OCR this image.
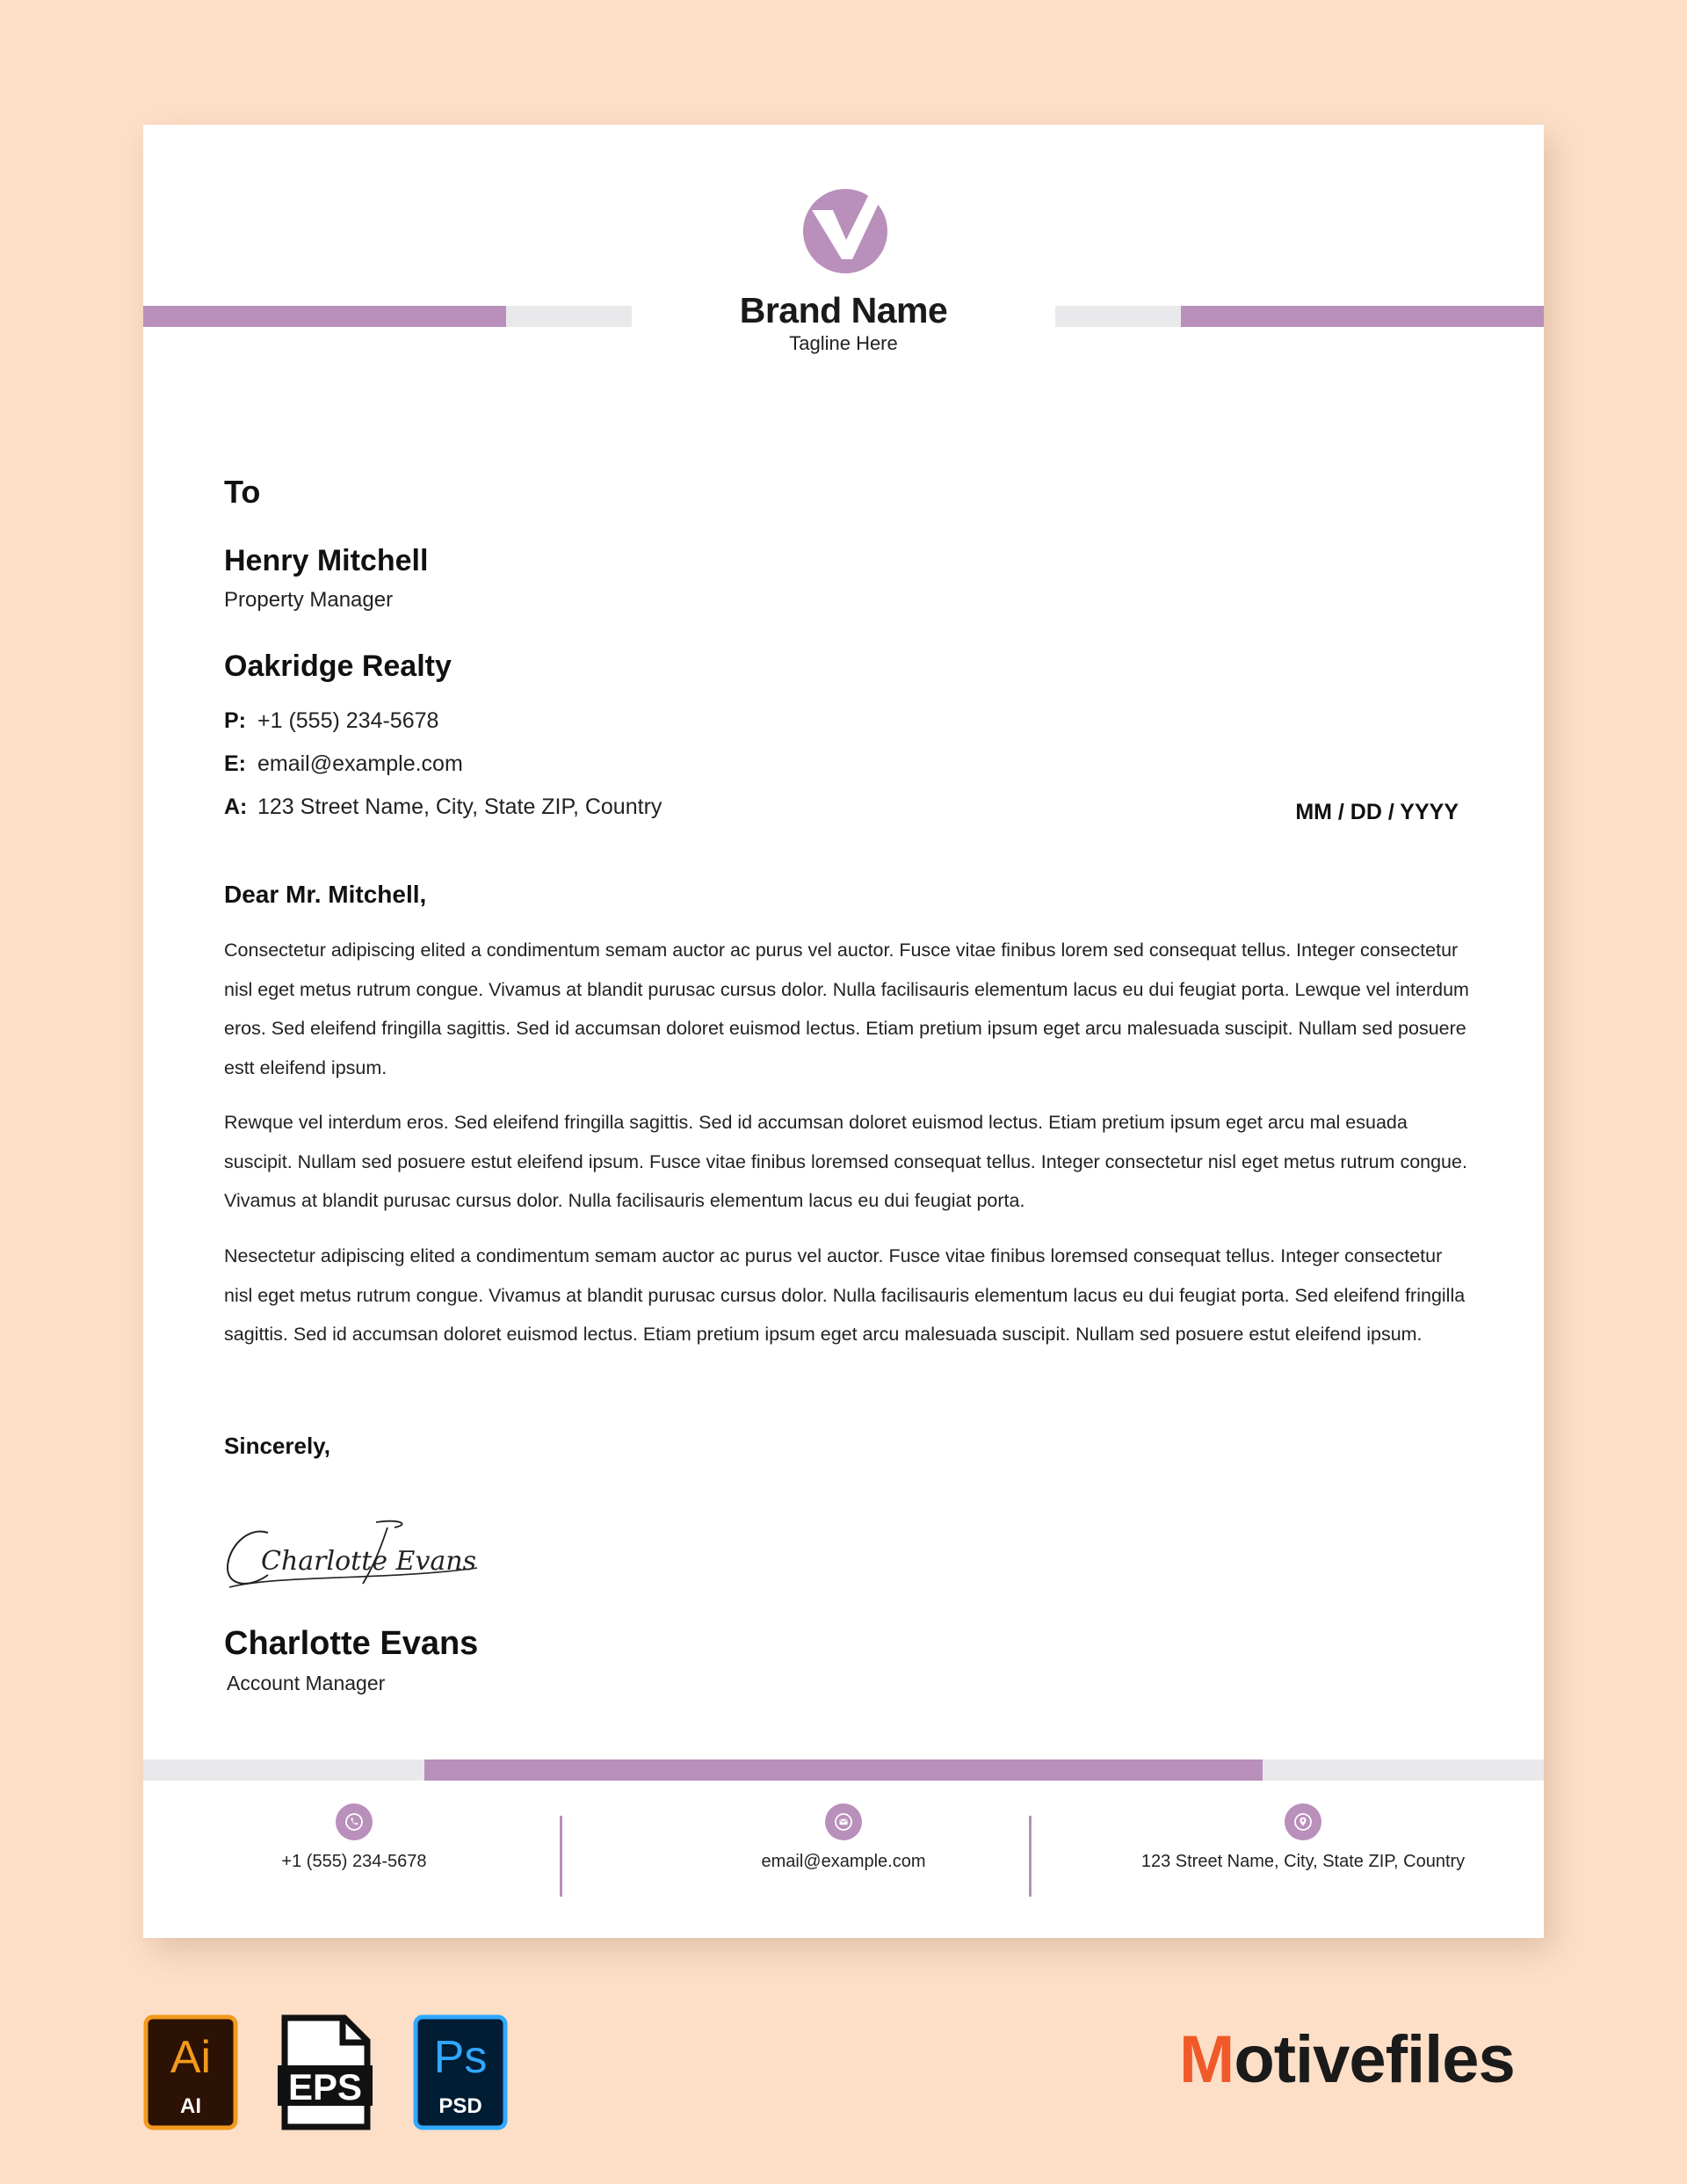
Brand Name
Tagline Here
To
Henry Mitchell
Property Manager
Oakridge Realty
P: +1 (555) 234-5678
E: email@example.com
A: 123 Street Name, City, State ZIP, Country	MM / DD / YYYY
Dear Mr. Mitchell,

Consectetur adipiscing elited a condimentum semam auctor ac purus vel auctor. Fusce vitae finibus lorem sed consequat tellus. Integer consectetur nisl eget metus rutrum congue. Vivamus at blandit purusac cursus dolor. Nulla facilisauris elementum lacus eu dui feugiat porta. Lewque vel interdum eros. Sed eleifend fringilla sagittis. Sed id accumsan doloret euismod lectus. Etiam pretium ipsum eget arcu malesuada suscipit. Nullam sed posuere estt eleifend ipsum.

Rewque vel interdum eros. Sed eleifend fringilla sagittis. Sed id accumsan doloret euismod lectus. Etiam pretium ipsum eget arcu mal esuada suscipit. Nullam sed posuere estut eleifend ipsum. Fusce vitae finibus loremsed consequat tellus. Integer consectetur nisl eget metus rutrum congue. Vivamus at blandit purusac cursus dolor. Nulla facilisauris elementum lacus eu dui feugiat porta.

Nesectetur adipiscing elited a condimentum semam auctor ac purus vel auctor. Fusce vitae finibus loremsed consequat tellus. Integer consectetur nisl eget metus rutrum congue. Vivamus at blandit purusac cursus dolor. Nulla facilisauris elementum lacus eu dui feugiat porta. Sed eleifend fringilla sagittis. Sed id accumsan doloret euismod lectus. Etiam pretium ipsum eget arcu malesuada suscipit. Nullam sed posuere estut eleifend ipsum.

Sincerely,
Charlotte Evans
Charlotte Evans
Account Manager
+1 (555) 234-5678	email@example.com	123 Street Name, City, State ZIP, Country
Ai
AI EPS
Ps
PSD
Motivefiles
